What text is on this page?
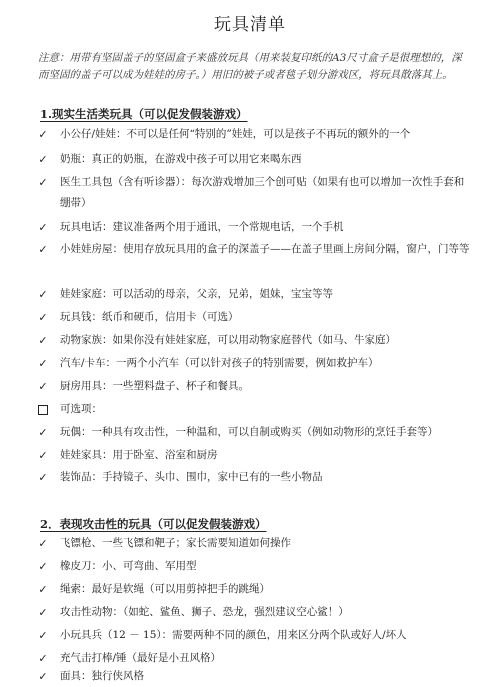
玩具清单
注意：用带有坚固盖子的坚固盒子来盛放玩具（用来装复印纸的A3尺寸盒子是很理想的，深而坚固的盖子可以成为娃娃的房子。）用旧的被子或者毯子划分游戏区，将玩具散落其上。
1.现实生活类玩具（可以促发假装游戏）
✓ 小公仔/娃娃：不可以是任何“特别的”娃娃，可以是孩子不再玩的额外的一个
✓ 奶瓶：真正的奶瓶，在游戏中孩子可以用它来喝东西
✓ 医生工具包（含有听诊器）：每次游戏增加三个创可贴（如果有也可以增加一次性手套和绷带）
✓ 玩具电话：建议准备两个用于通讯，一个常规电话，一个手机
✓ 小娃娃房屋：使用存放玩具用的盒子的深盖子——在盖子里画上房间分隔，窗户，门等等
✓ 娃娃家庭：可以活动的母亲，父亲，兄弟，姐妹，宝宝等等
✓ 玩具钱：纸币和硬币，信用卡（可选）
✓ 动物家族：如果你没有娃娃家庭，可以用动物家庭替代（如马、牛家庭）
✓ 汽车/卡车：一两个小汽车（可以针对孩子的特别需要，例如救护车）
✓ 厨房用具：一些塑料盘子、杯子和餐具。
可选项：
✓ 玩偶：一种具有攻击性，一种温和，可以自制或购买（例如动物形的烹饪手套等）
✓ 娃娃家具：用于卧室、浴室和厨房
✓ 装饰品：手持镜子、头巾、围巾，家中已有的一些小物品
2．表现攻击性的玩具（可以促发假装游戏）
✓ 飞镖枪、一些飞镖和靶子；家长需要知道如何操作
✓ 橡皮刀：小、可弯曲、军用型
✓ 绳索：最好是软绳（可以用剪掉把手的跳绳）
✓ 攻击性动物：（如蛇、鲨鱼、狮子、恐龙，强烈建议空心鲨！）
✓ 小玩具兵（12 － 15）：需要两种不同的颜色，用来区分两个队或好人/坏人
✓ 充气击打棒/锤（最好是小丑风格）
✓ 面具：独行侠风格
